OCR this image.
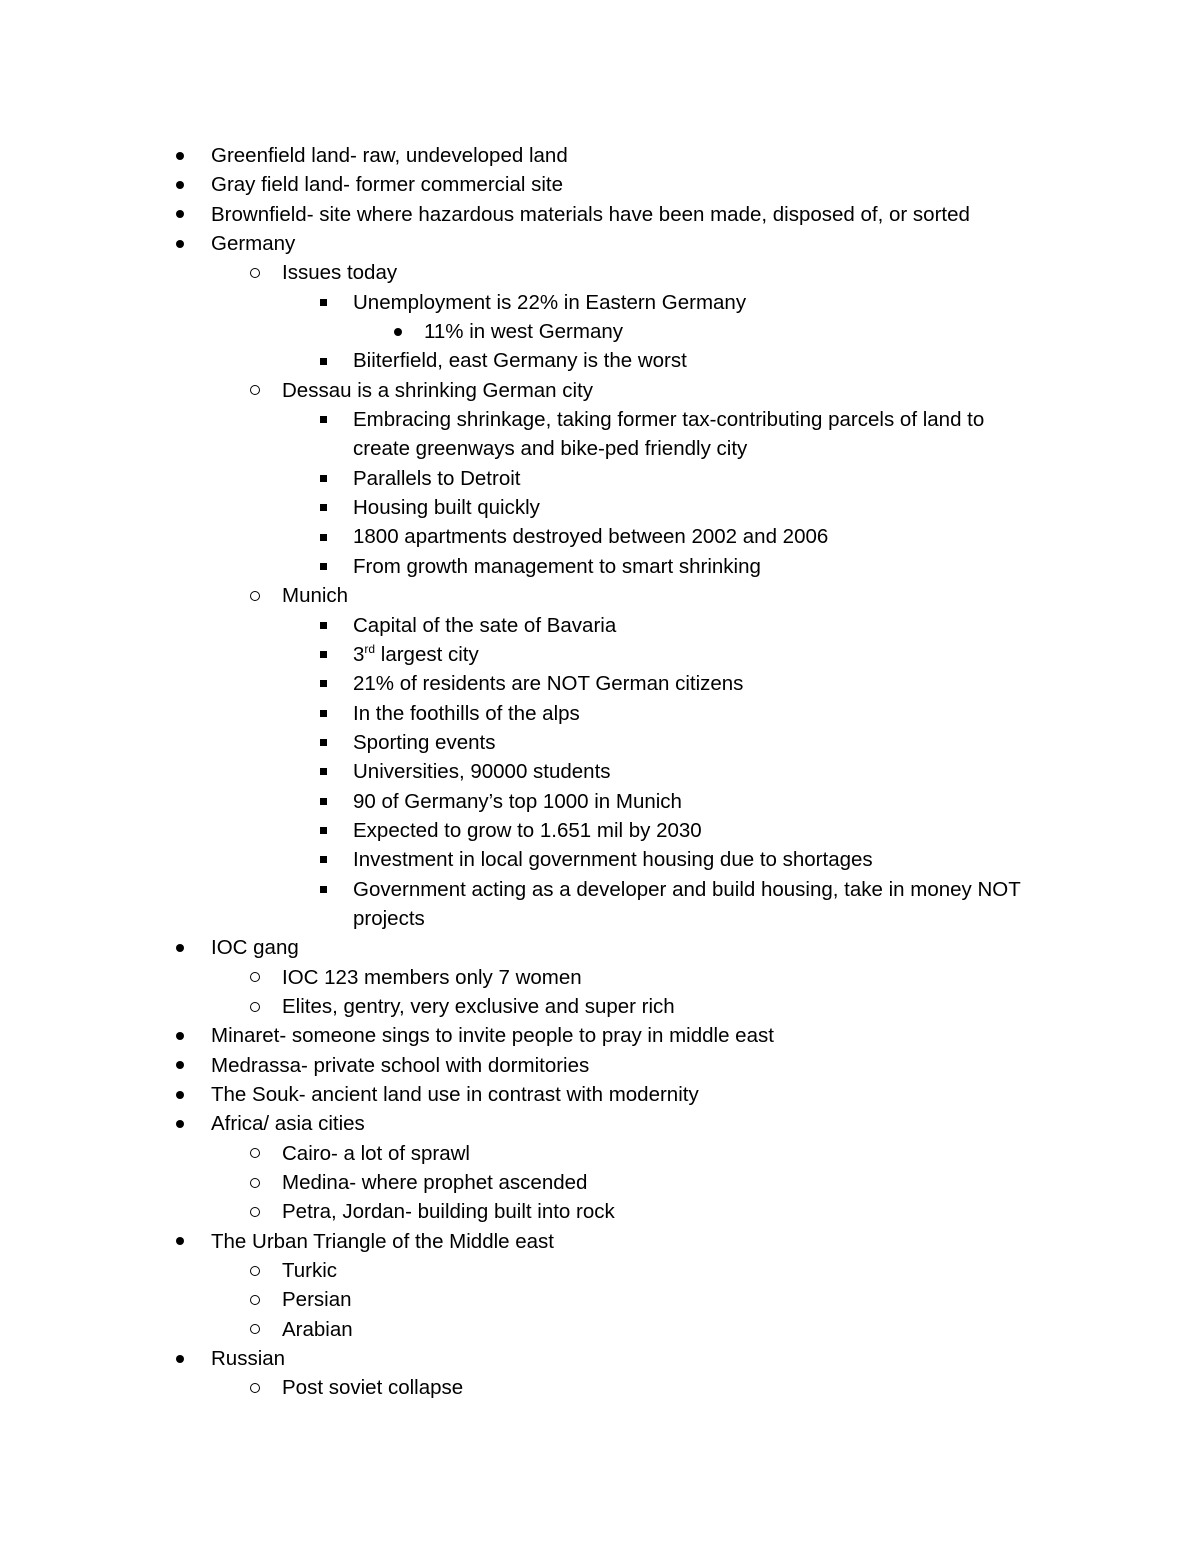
Greenfield land- raw, undeveloped land
Gray field land- former commercial site
Brownfield- site where hazardous materials have been made, disposed of, or sorted
Germany
Issues today
Unemployment is 22% in Eastern Germany
11% in west Germany
Biiterfield, east Germany is the worst
Dessau is a shrinking German city
Embracing shrinkage, taking former tax-contributing parcels of land to
create greenways and bike-ped friendly city
Parallels to Detroit
Housing built quickly
1800 apartments destroyed between 2002 and 2006
From growth management to smart shrinking
Munich
Capital of the sate of Bavaria
3rd largest city
21% of residents are NOT German citizens
In the foothills of the alps
Sporting events
Universities, 90000 students
90 of Germany’s top 1000 in Munich
Expected to grow to 1.651 mil by 2030
Investment in local government housing due to shortages
Government acting as a developer and build housing, take in money NOT
projects
IOC gang
IOC 123 members only 7 women
Elites, gentry, very exclusive and super rich
Minaret- someone sings to invite people to pray in middle east
Medrassa- private school with dormitories
The Souk- ancient land use in contrast with modernity
Africa/ asia cities
Cairo- a lot of sprawl
Medina- where prophet ascended
Petra, Jordan- building built into rock
The Urban Triangle of the Middle east
Turkic
Persian
Arabian
Russian
Post soviet collapse
